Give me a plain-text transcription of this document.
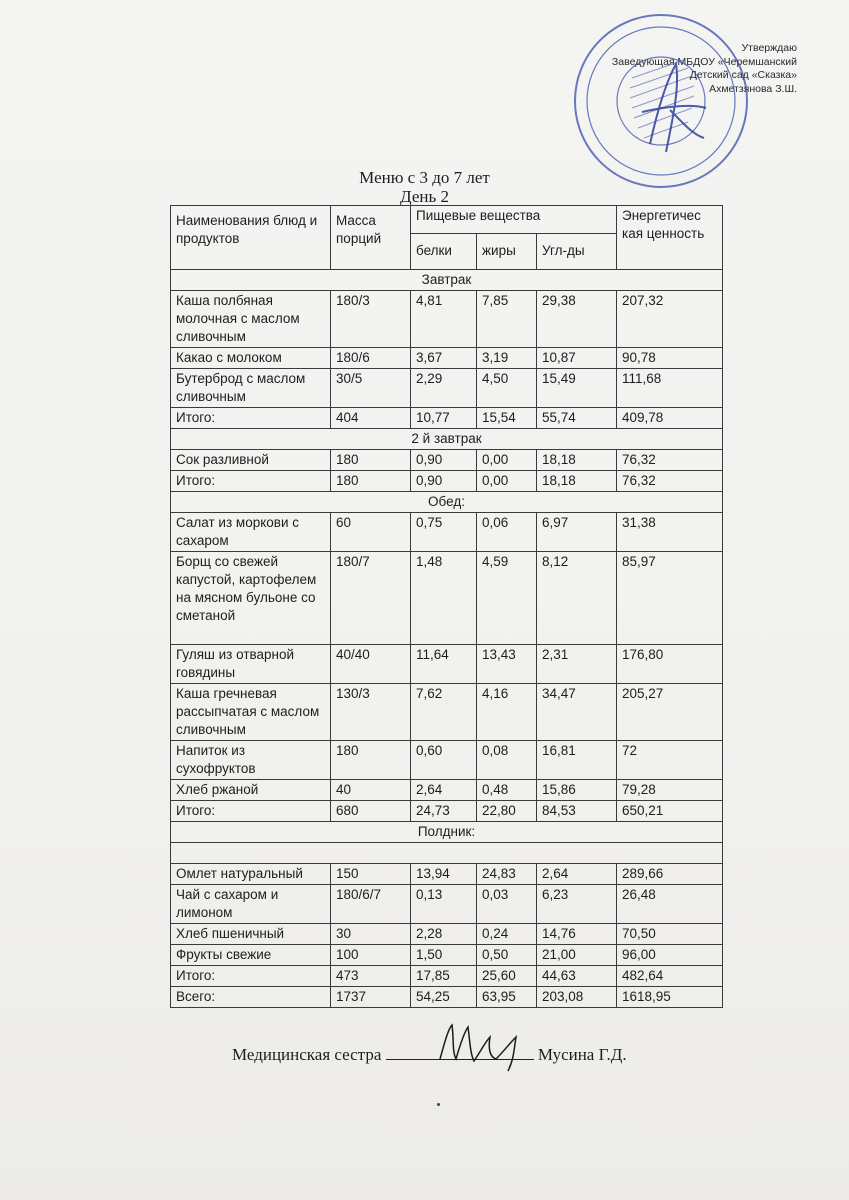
Утверждаю
Заведующая МБДОУ «Черемшанский
Детский сад «Сказка»
Ахметзянова З.Ш.
Меню с 3 до 7 лет
День 2
Наименования блюд и продуктов	Масса порций	Пищевые вещества			Энергетичес кая ценность
		белки	жиры	Угл-ды	
Завтрак					
Каша полбяная молочная с маслом сливочным	180/3	4,81	7,85	29,38	207,32
Какао с молоком	180/6	3,67	3,19	10,87	90,78
Бутерброд с маслом сливочным	30/5	2,29	4,50	15,49	111,68
Итого:	404	10,77	15,54	55,74	409,78
2 й завтрак					
Сок разливной	180	0,90	0,00	18,18	76,32
Итого:	180	0,90	0,00	18,18	76,32
Обед:					
Салат из моркови с сахаром	60	0,75	0,06	6,97	31,38
Борщ со свежей капустой, картофелем на мясном бульоне со сметаной	180/7	1,48	4,59	8,12	85,97
Гуляш из отварной говядины	40/40	11,64	13,43	2,31	176,80
Каша гречневая рассыпчатая с маслом сливочным	130/3	7,62	4,16	34,47	205,27
Напиток из сухофруктов	180	0,60	0,08	16,81	72
Хлеб ржаной	40	2,64	0,48	15,86	79,28
Итого:	680	24,73	22,80	84,53	650,21
Полдник:					

Омлет натуральный	150	13,94	24,83	2,64	289,66
Чай с сахаром и лимоном	180/6/7	0,13	0,03	6,23	26,48
Хлеб пшеничный	30	2,28	0,24	14,76	70,50
Фрукты свежие	100	1,50	0,50	21,00	96,00
Итого:	473	17,85	25,60	44,63	482,64
Всего:	1737	54,25	63,95	203,08	1618,95
Медицинская сестра	Мусина Г.Д.
